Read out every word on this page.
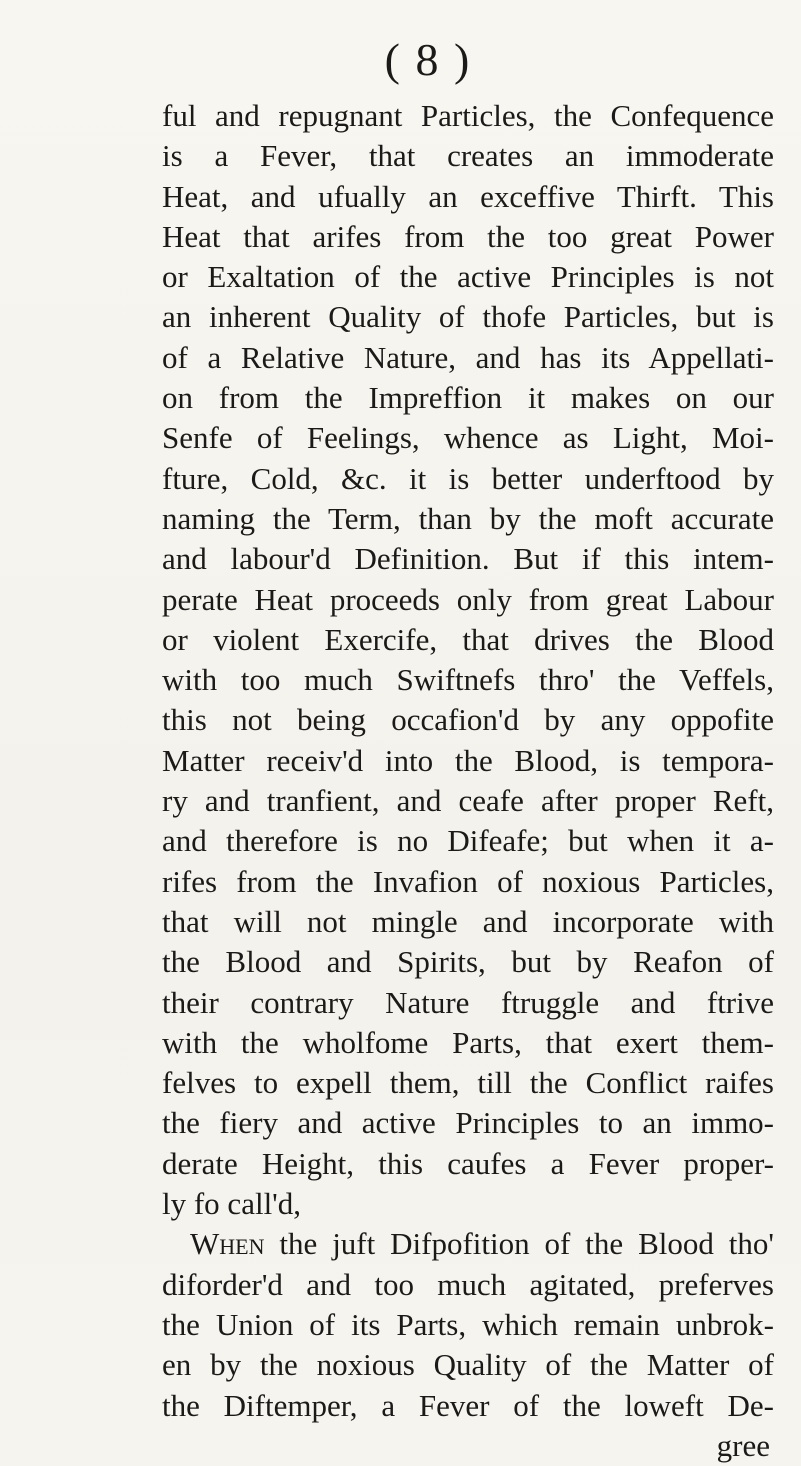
( 8 )
ful and repugnant Particles, the Confequence
is a Fever, that creates an immoderate
Heat, and ufually an exceffive Thirft. This
Heat that arifes from the too great Power
or Exaltation of the active Principles is not
an inherent Quality of thofe Particles, but is
of a Relative Nature, and has its Appellati-
on from the Impreffion it makes on our
Senfe of Feelings, whence as Light, Moi-
fture, Cold, &c. it is better underftood by
naming the Term, than by the moft accurate
and labour'd Definition. But if this intem-
perate Heat proceeds only from great Labour
or violent Exercife, that drives the Blood
with too much Swiftnefs thro' the Veffels,
this not being occafion'd by any oppofite
Matter receiv'd into the Blood, is tempora-
ry and tranfient, and ceafe after proper Reft,
and therefore is no Difeafe; but when it a-
rifes from the Invafion of noxious Particles,
that will not mingle and incorporate with
the Blood and Spirits, but by Reafon of
their contrary Nature ftruggle and ftrive
with the wholfome Parts, that exert them-
felves to expell them, till the Conflict raifes
the fiery and active Principles to an immo-
derate Height, this caufes a Fever proper-
ly fo call'd,
When the juft Difpofition of the Blood tho'
diforder'd and too much agitated, preferves
the Union of its Parts, which remain unbrok-
en by the noxious Quality of the Matter of
the Diftemper, a Fever of the loweft De-
gree
